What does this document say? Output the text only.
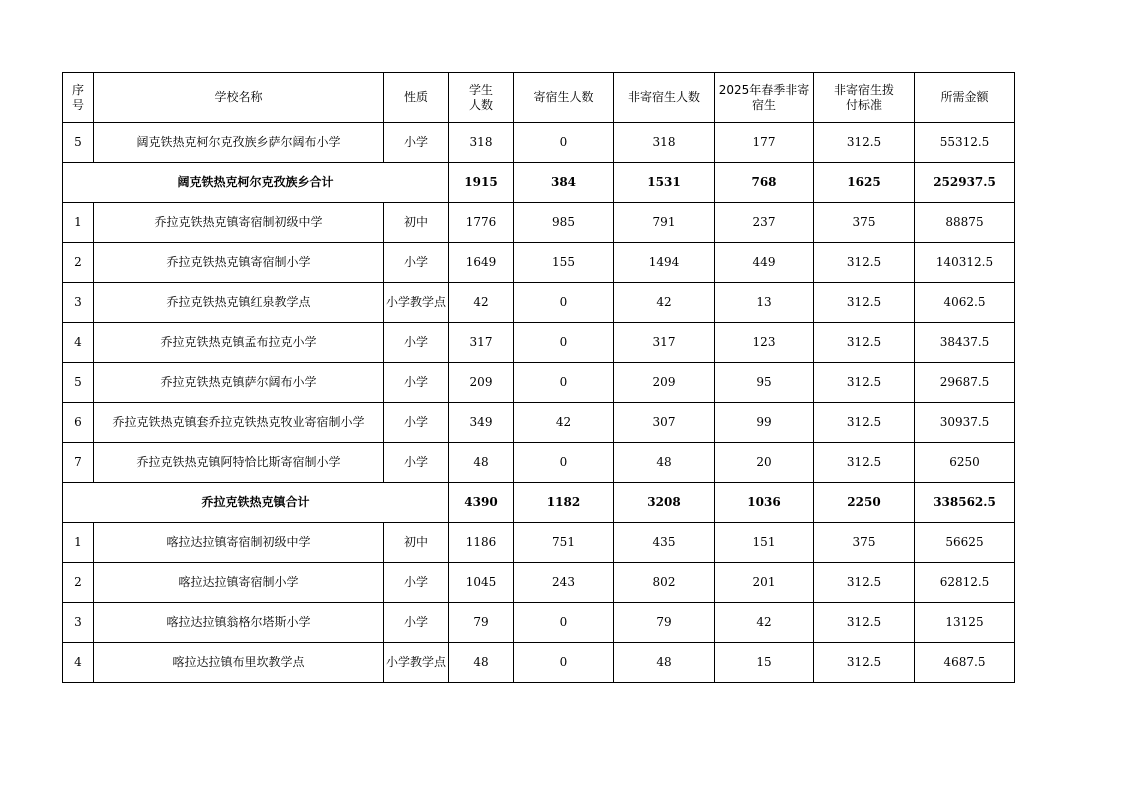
序号	学校名称	性质	学生人数	寄宿生人数	非寄宿生人数	2025年春季非寄宿生	非寄宿生拨付标准	所需金额
5	阔克铁热克柯尔克孜族乡萨尔阔布小学	小学	318	0	318	177	312.5	55312.5
阔克铁热克柯尔克孜族乡合计			1915	384	1531	768	1625	252937.5
1	乔拉克铁热克镇寄宿制初级中学	初中	1776	985	791	237	375	88875
2	乔拉克铁热克镇寄宿制小学	小学	1649	155	1494	449	312.5	140312.5
3	乔拉克铁热克镇红泉教学点	小学教学点	42	0	42	13	312.5	4062.5
4	乔拉克铁热克镇孟布拉克小学	小学	317	0	317	123	312.5	38437.5
5	乔拉克铁热克镇萨尔阔布小学	小学	209	0	209	95	312.5	29687.5
6	乔拉克铁热克镇套乔拉克铁热克牧业寄宿制小学	小学	349	42	307	99	312.5	30937.5
7	乔拉克铁热克镇阿特恰比斯寄宿制小学	小学	48	0	48	20	312.5	6250
乔拉克铁热克镇合计			4390	1182	3208	1036	2250	338562.5
1	喀拉达拉镇寄宿制初级中学	初中	1186	751	435	151	375	56625
2	喀拉达拉镇寄宿制小学	小学	1045	243	802	201	312.5	62812.5
3	喀拉达拉镇翁格尔塔斯小学	小学	79	0	79	42	312.5	13125
4	喀拉达拉镇布里坎教学点	小学教学点	48	0	48	15	312.5	4687.5
